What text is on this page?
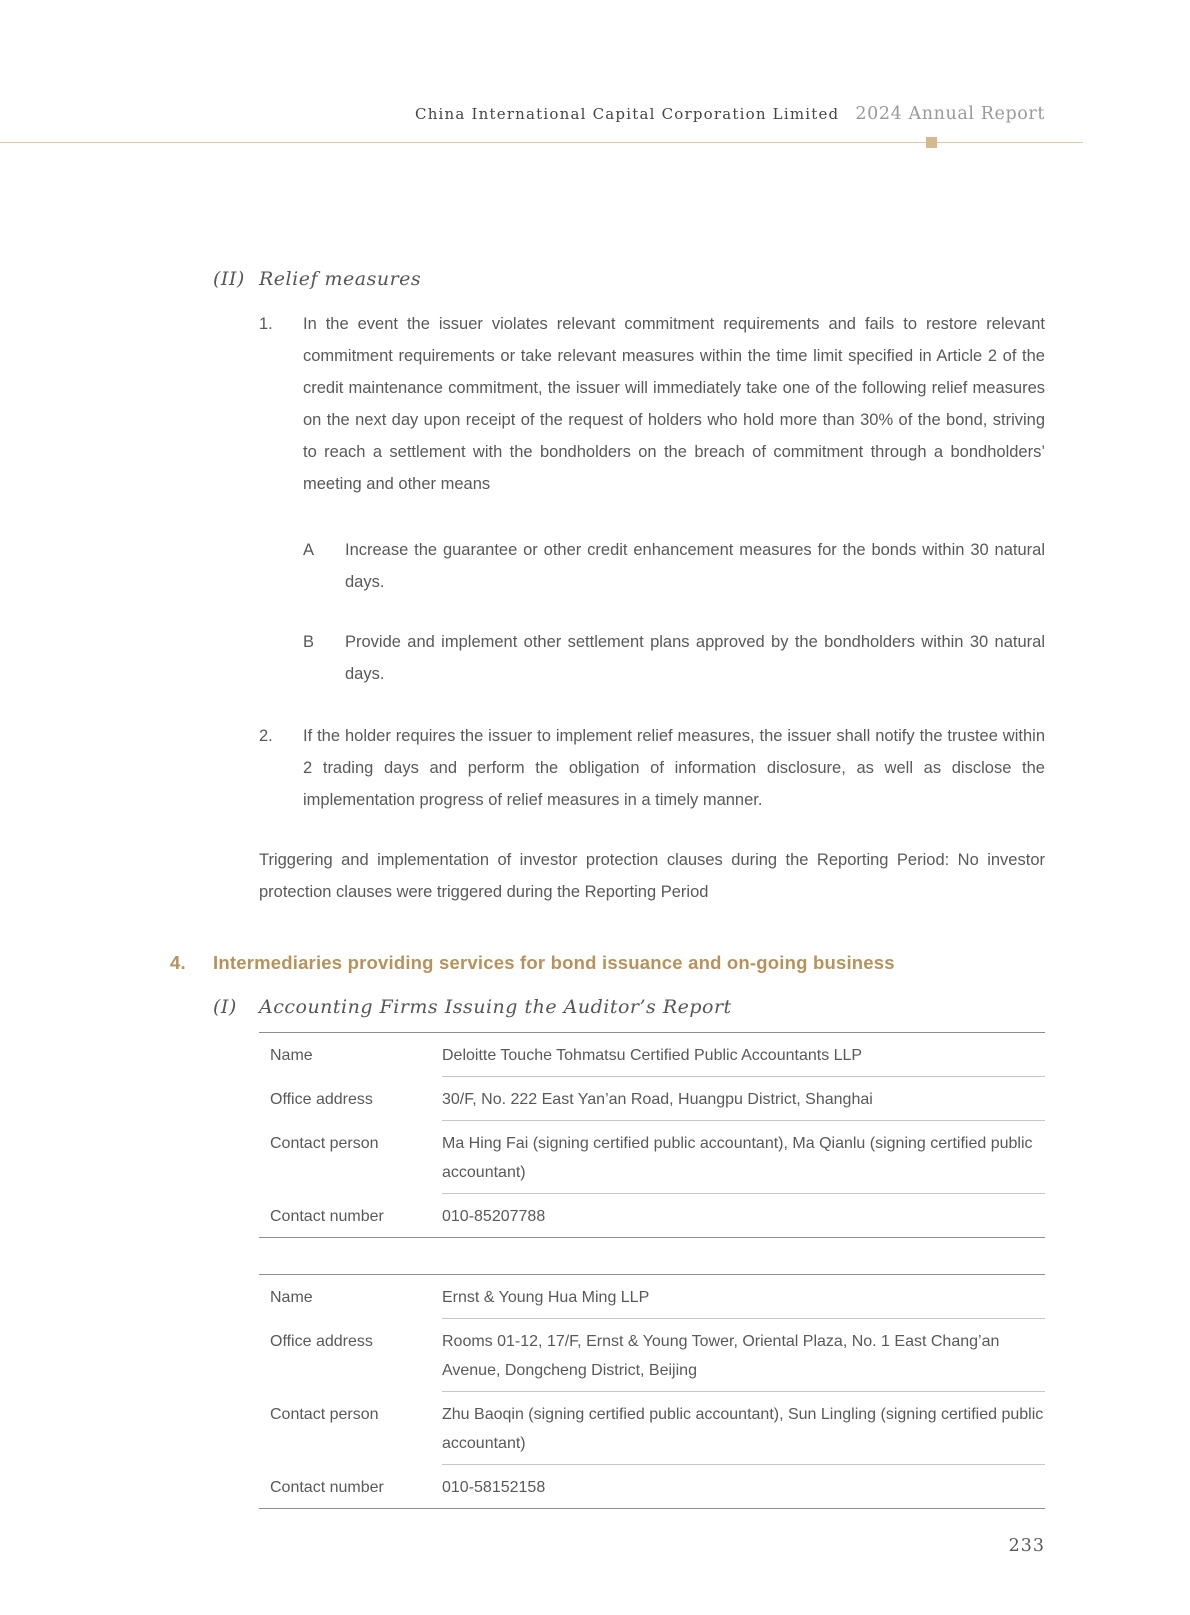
China International Capital Corporation Limited 2024 Annual Report
(II) Relief measures
1.	In the event the issuer violates relevant commitment requirements and fails to restore relevant commitment requirements or take relevant measures within the time limit specified in Article 2 of the credit maintenance commitment, the issuer will immediately take one of the following relief measures on the next day upon receipt of the request of holders who hold more than 30% of the bond, striving to reach a settlement with the bondholders on the breach of commitment through a bondholders’ meeting and other means
A	Increase the guarantee or other credit enhancement measures for the bonds within 30 natural days.
B	Provide and implement other settlement plans approved by the bondholders within 30 natural days.
2.	If the holder requires the issuer to implement relief measures, the issuer shall notify the trustee within 2 trading days and perform the obligation of information disclosure, as well as disclose the implementation progress of relief measures in a timely manner.
Triggering and implementation of investor protection clauses during the Reporting Period: No investor protection clauses were triggered during the Reporting Period
4.	Intermediaries providing services for bond issuance and on-going business
(I) Accounting Firms Issuing the Auditor’s Report
Name	Deloitte Touche Tohmatsu Certified Public Accountants LLP
Office address	30/F, No. 222 East Yan’an Road, Huangpu District, Shanghai
Contact person	Ma Hing Fai (signing certified public accountant), Ma Qianlu (signing certified public accountant)
Contact number	010-85207788
Name	Ernst & Young Hua Ming LLP
Office address	Rooms 01-12, 17/F, Ernst & Young Tower, Oriental Plaza, No. 1 East Chang’an Avenue, Dongcheng District, Beijing
Contact person	Zhu Baoqin (signing certified public accountant), Sun Lingling (signing certified public accountant)
Contact number	010-58152158
233
